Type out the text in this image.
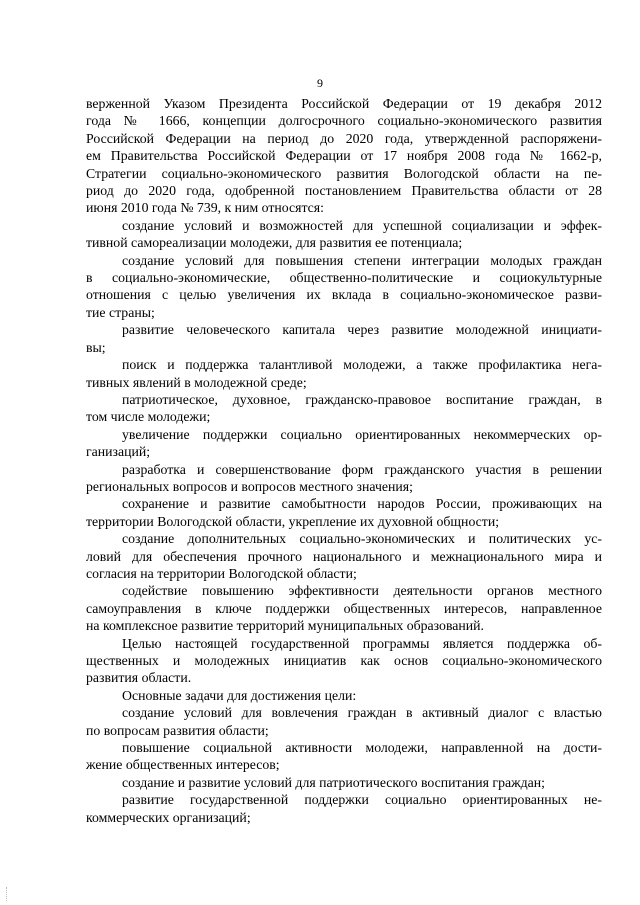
9
верженной Указом Президента Российской Федерации от 19 декабря 2012
года № 1666, концепции долгосрочного социально-экономического развития
Российской Федерации на период до 2020 года, утвержденной распоряжени-
ем Правительства Российской Федерации от 17 ноября 2008 года № 1662-р,
Стратегии социально-экономического развития Вологодской области на пе-
риод до 2020 года, одобренной постановлением Правительства области от 28
июня 2010 года № 739, к ним относятся:
создание условий и возможностей для успешной социализации и эффек-
тивной самореализации молодежи, для развития ее потенциала;
создание условий для повышения степени интеграции молодых граждан
в социально-экономические, общественно-политические и социокультурные
отношения с целью увеличения их вклада в социально-экономическое разви-
тие страны;
развитие человеческого капитала через развитие молодежной инициати-
вы;
поиск и поддержка талантливой молодежи, а также профилактика нега-
тивных явлений в молодежной среде;
патриотическое, духовное, гражданско-правовое воспитание граждан, в
том числе молодежи;
увеличение поддержки социально ориентированных некоммерческих ор-
ганизаций;
разработка и совершенствование форм гражданского участия в решении
региональных вопросов и вопросов местного значения;
сохранение и развитие самобытности народов России, проживающих на
территории Вологодской области, укрепление их духовной общности;
создание дополнительных социально-экономических и политических ус-
ловий для обеспечения прочного национального и межнационального мира и
согласия на территории Вологодской области;
содействие повышению эффективности деятельности органов местного
самоуправления в ключе поддержки общественных интересов, направленное
на комплексное развитие территорий муниципальных образований.
Целью настоящей государственной программы является поддержка об-
щественных и молодежных инициатив как основ социально-экономического
развития области.
Основные задачи для достижения цели:
создание условий для вовлечения граждан в активный диалог с властью
по вопросам развития области;
повышение социальной активности молодежи, направленной на дости-
жение общественных интересов;
создание и развитие условий для патриотического воспитания граждан;
развитие государственной поддержки социально ориентированных не-
коммерческих организаций;
